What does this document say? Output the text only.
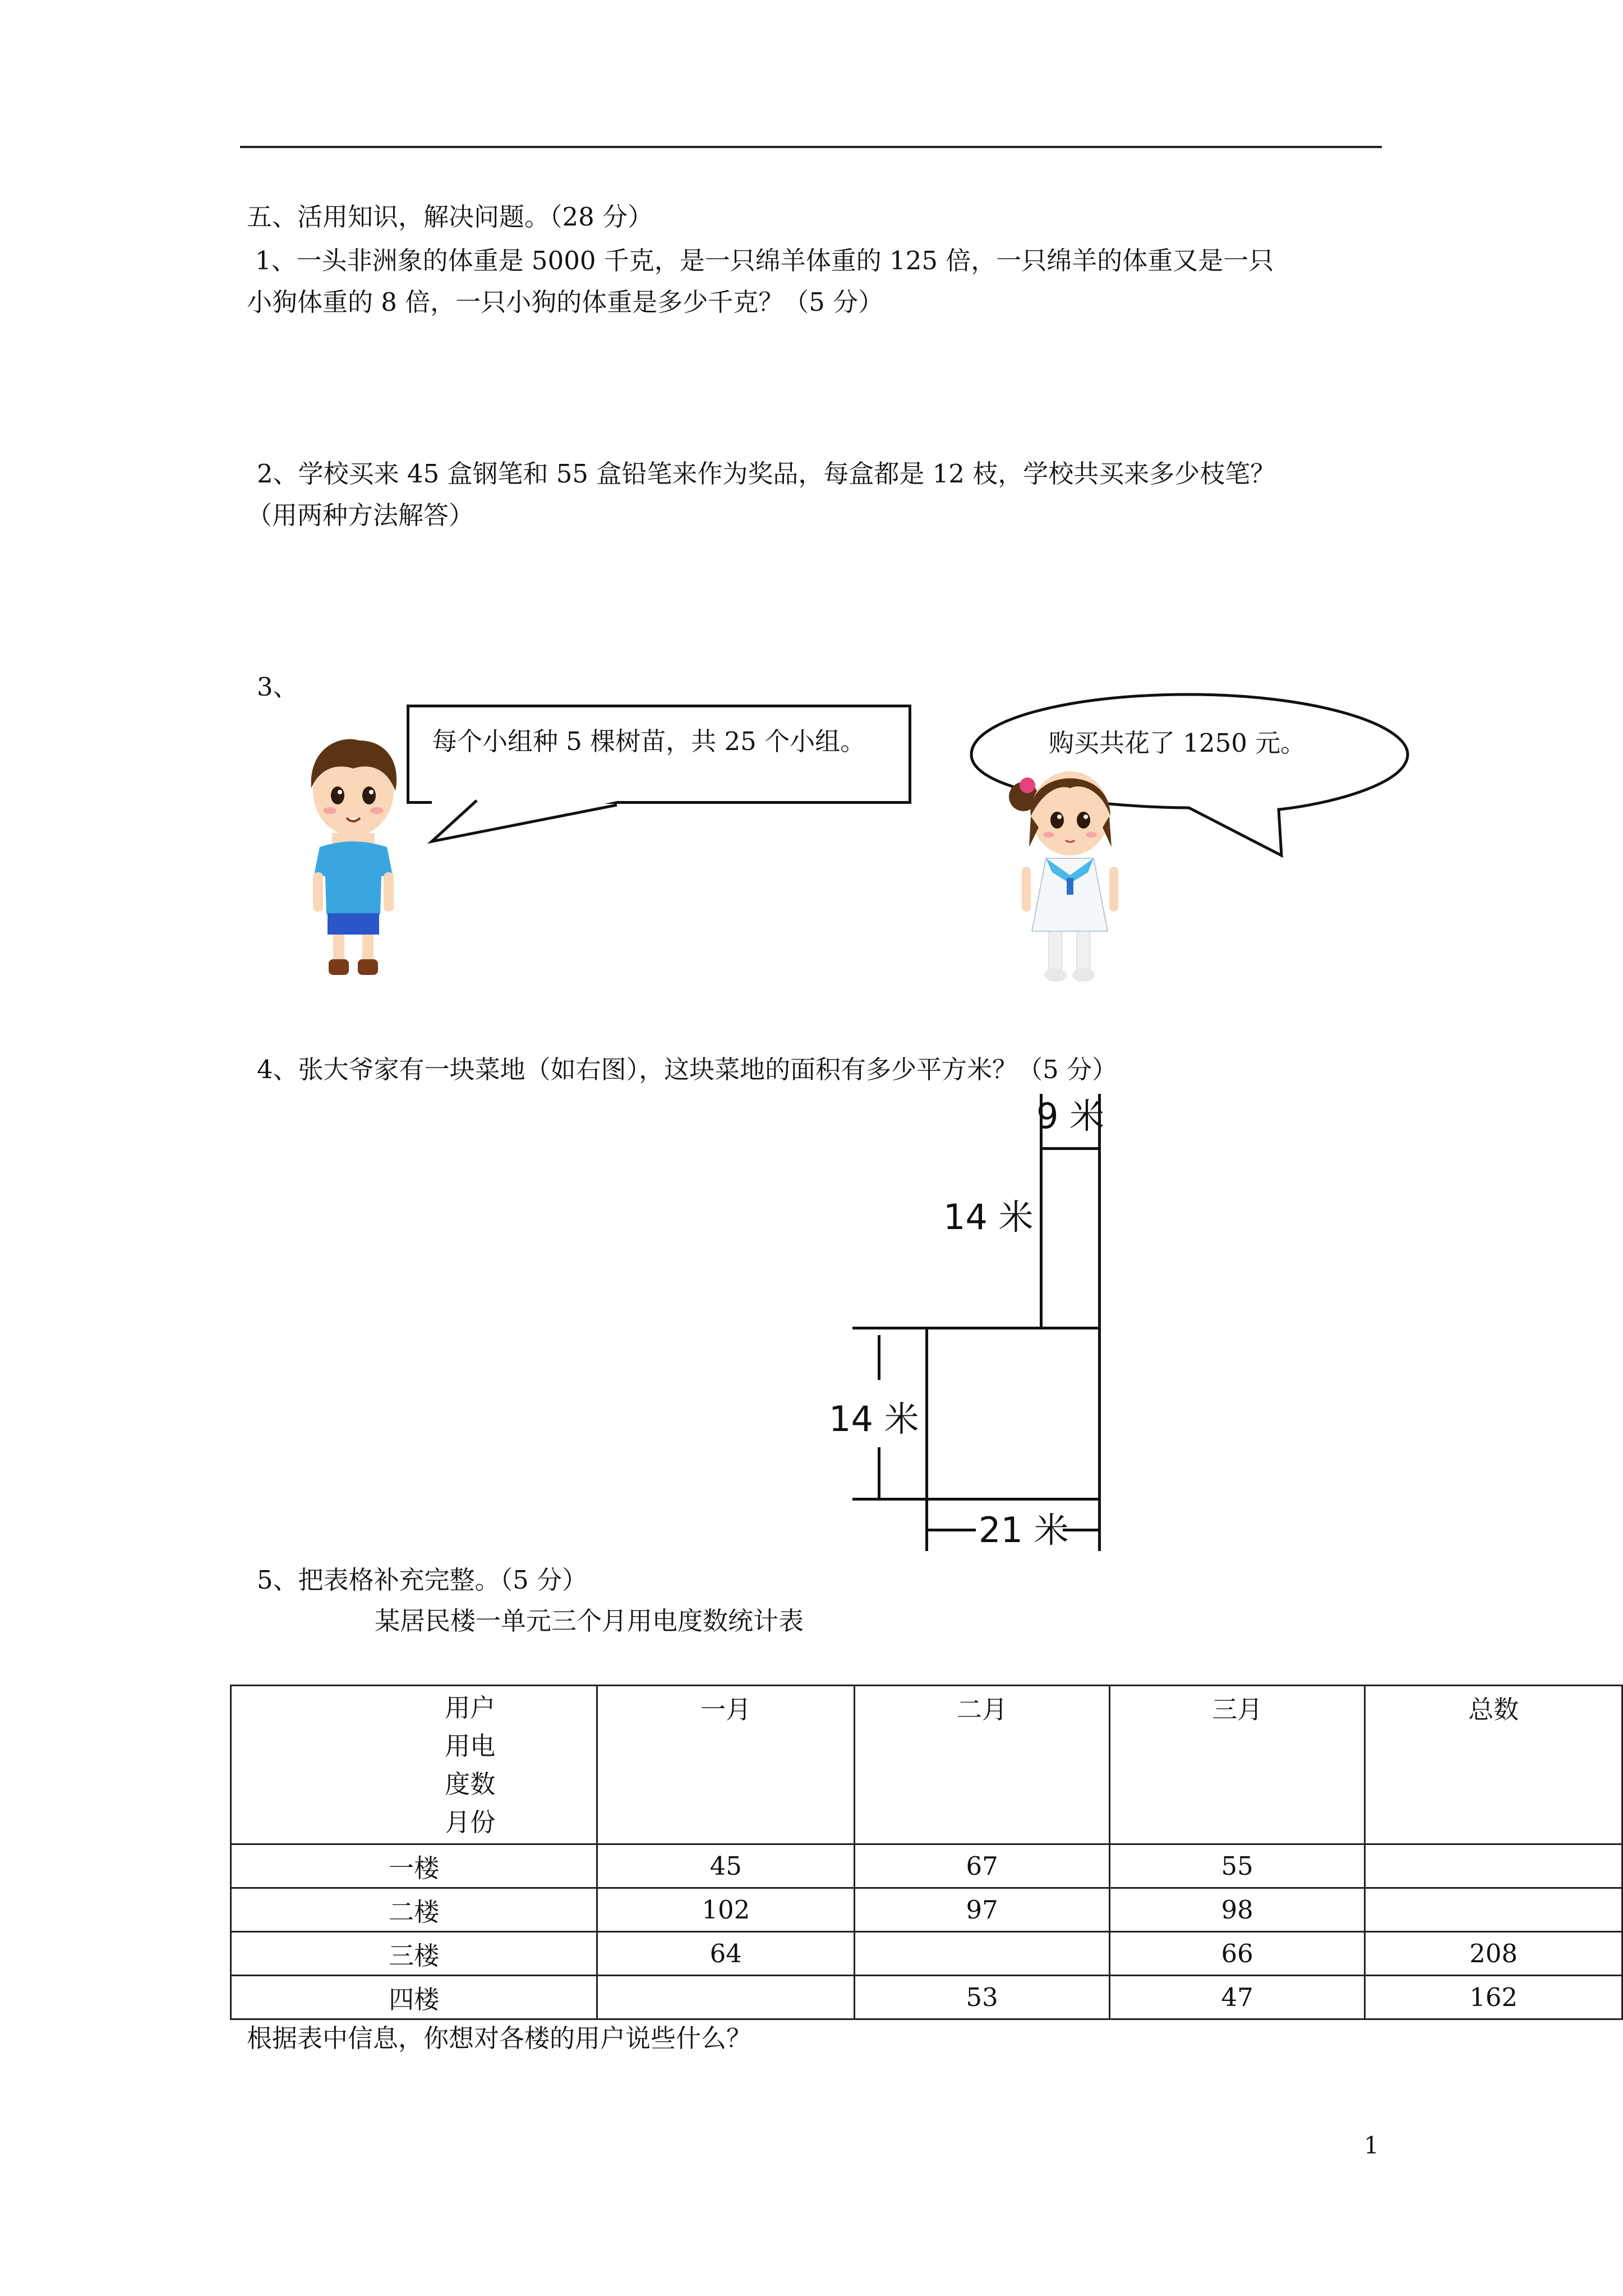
五、活用知识，解决问题。（28 分）
1、一头非洲象的体重是 5000 千克，是一只绵羊体重的 125 倍，一只绵羊的体重又是一只
小狗体重的 8 倍，一只小狗的体重是多少千克？（5 分）
2、学校买来 45 盒钢笔和 55 盒铅笔来作为奖品，每盒都是 12 枝，学校共买来多少枝笔？
（用两种方法解答）
3、
每个小组种 5 棵树苗，共 25 个小组。	购买共花了 1250 元。
4、张大爷家有一块菜地（如右图），这块菜地的面积有多少平方米？（5 分）
9 米
14 米
14 米
21 米
5、把表格补充完整。（5 分）
某居民楼一单元三个月用电度数统计表
用户
用电
度数
月份	一月	二月	三月	总数
一楼	45	67	55	
二楼	102	97	98	
三楼	64		66	208
四楼		53	47	162
根据表中信息，你想对各楼的用户说些什么？
1
